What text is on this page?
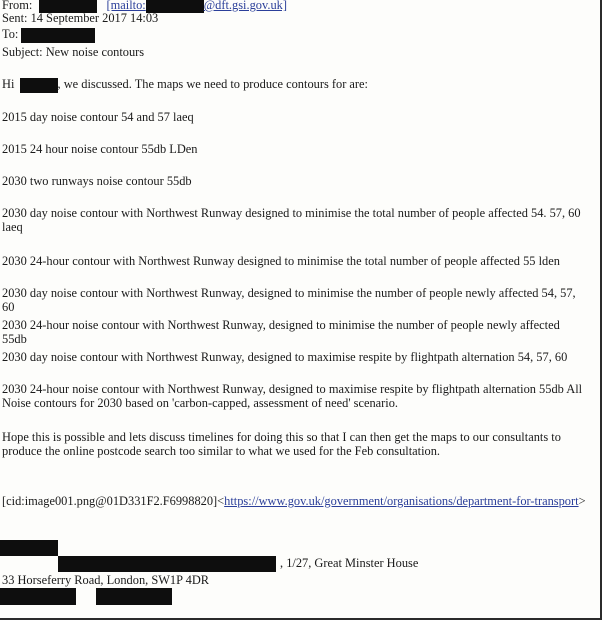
From:	[mailto:	@dft.gsi.gov.uk]
Sent: 14 September 2017 14:03
To:
Subject: New noise contours
Hi	, we discussed. The maps we need to produce contours for are:
2015 day noise contour 54 and 57 laeq
2015 24 hour noise contour 55db LDen
2030 two runways noise contour 55db
2030 day noise contour with Northwest Runway designed to minimise the total number of people affected 54. 57, 60 laeq
2030 24-hour contour with Northwest Runway designed to minimise the total number of people affected 55 lden
2030 day noise contour with Northwest Runway, designed to minimise the number of people newly affected 54, 57, 60
2030 24-hour noise contour with Northwest Runway, designed to minimise the number of people newly affected 55db
2030 day noise contour with Northwest Runway, designed to maximise respite by flightpath alternation 54, 57, 60
2030 24-hour noise contour with Northwest Runway, designed to maximise respite by flightpath alternation 55db All Noise contours for 2030 based on 'carbon-capped, assessment of need' scenario.
Hope this is possible and lets discuss timelines for doing this so that I can then get the maps to our consultants to produce the online postcode search too similar to what we used for the Feb consultation.
[cid:image001.png@01D331F2.F6998820]<https://www.gov.uk/government/organisations/department-for-transport>
, 1/27, Great Minster House
33 Horseferry Road, London, SW1P 4DR
